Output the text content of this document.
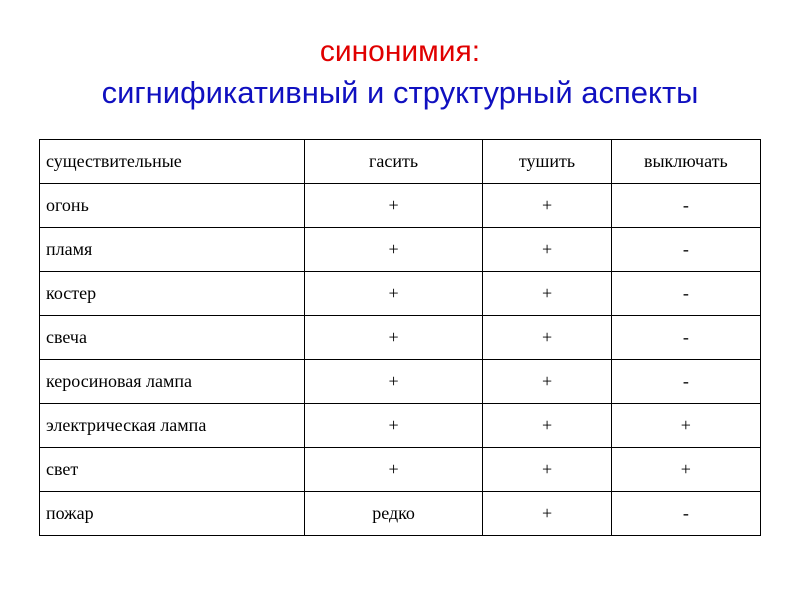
синонимия:
сигнификативный и структурный аспекты
существительные	гасить	тушить	выключать
огонь	+	+	-
пламя	+	+	-
костер	+	+	-
свеча	+	+	-
керосиновая лампа	+	+	-
электрическая лампа	+	+	+
свет	+	+	+
пожар	редко	+	-
